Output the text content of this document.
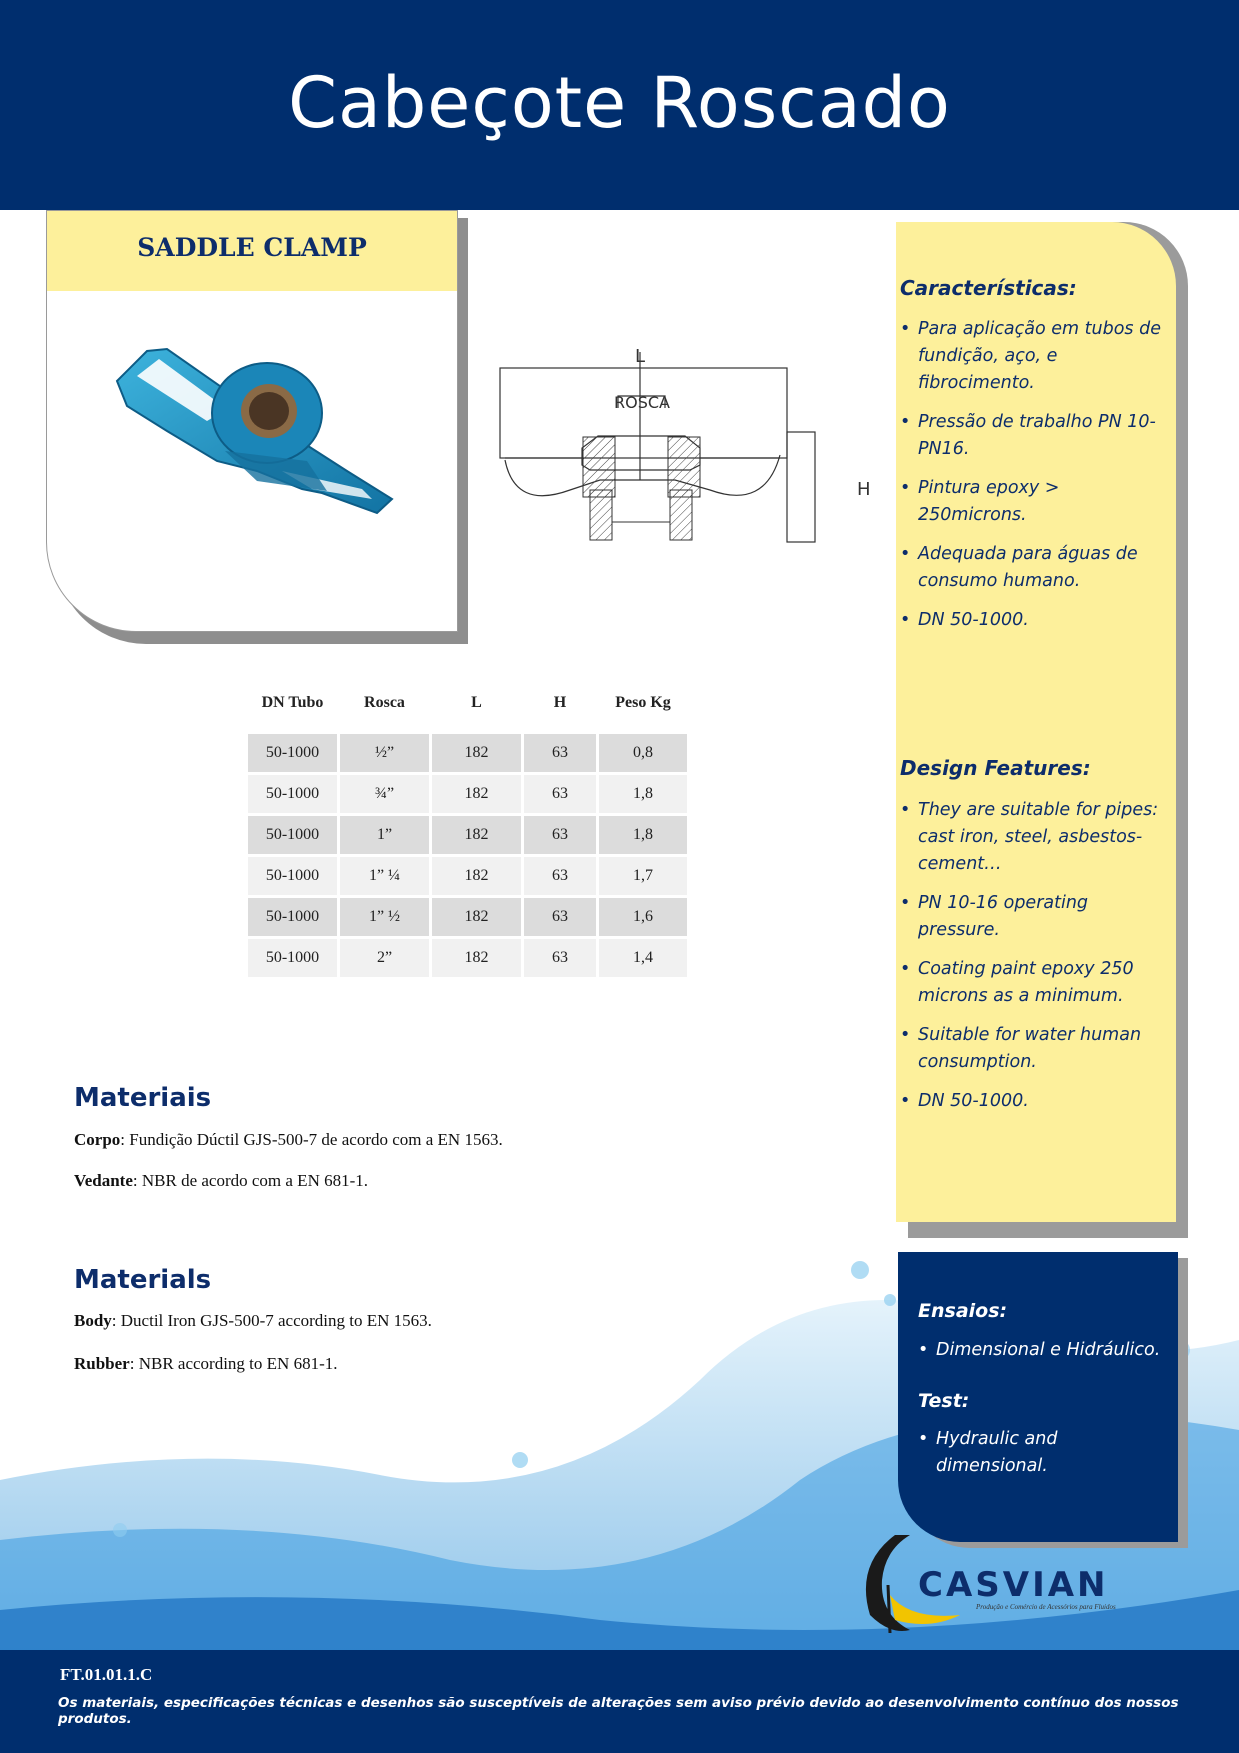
Cabeçote Roscado
SADDLE CLAMP
L
ROSCA
H
DN Tubo	Rosca	L	H	Peso Kg
50-1000	½”	182	63	0,8
50-1000	¾”	182	63	1,8
50-1000	1”	182	63	1,8
50-1000	1” ¼	182	63	1,7
50-1000	1” ½	182	63	1,6
50-1000	2”	182	63	1,4
Materiais
Corpo: Fundição Dúctil GJS-500-7 de acordo com a EN 1563.
Vedante: NBR de acordo com a EN 681-1.
Materials
Body: Ductil Iron GJS-500-7 according to EN 1563.
Rubber: NBR according to EN 681-1.
Características:
• Para aplicação em tubos de fundição, aço, e fibrocimento.
• Pressão de trabalho PN 10- PN16.
• Pintura epoxy > 250microns.
• Adequada para águas de consumo humano.
• DN 50-1000.
Design Features:
• They are suitable for pipes: cast iron, steel, asbestos-cement…
• PN 10-16 operating pressure.
• Coating paint epoxy 250 microns as a minimum.
• Suitable for water human consumption.
• DN 50-1000.
Ensaios:
• Dimensional e Hidráulico.
Test:
• Hydraulic and dimensional.
CASVIAN
Produção e Comércio de Acessórios para Fluidos
FT.01.01.1.C
Os materiais, especificações técnicas e desenhos são susceptíveis de alterações sem aviso prévio devido ao desenvolvimento contínuo dos nossos produtos.
